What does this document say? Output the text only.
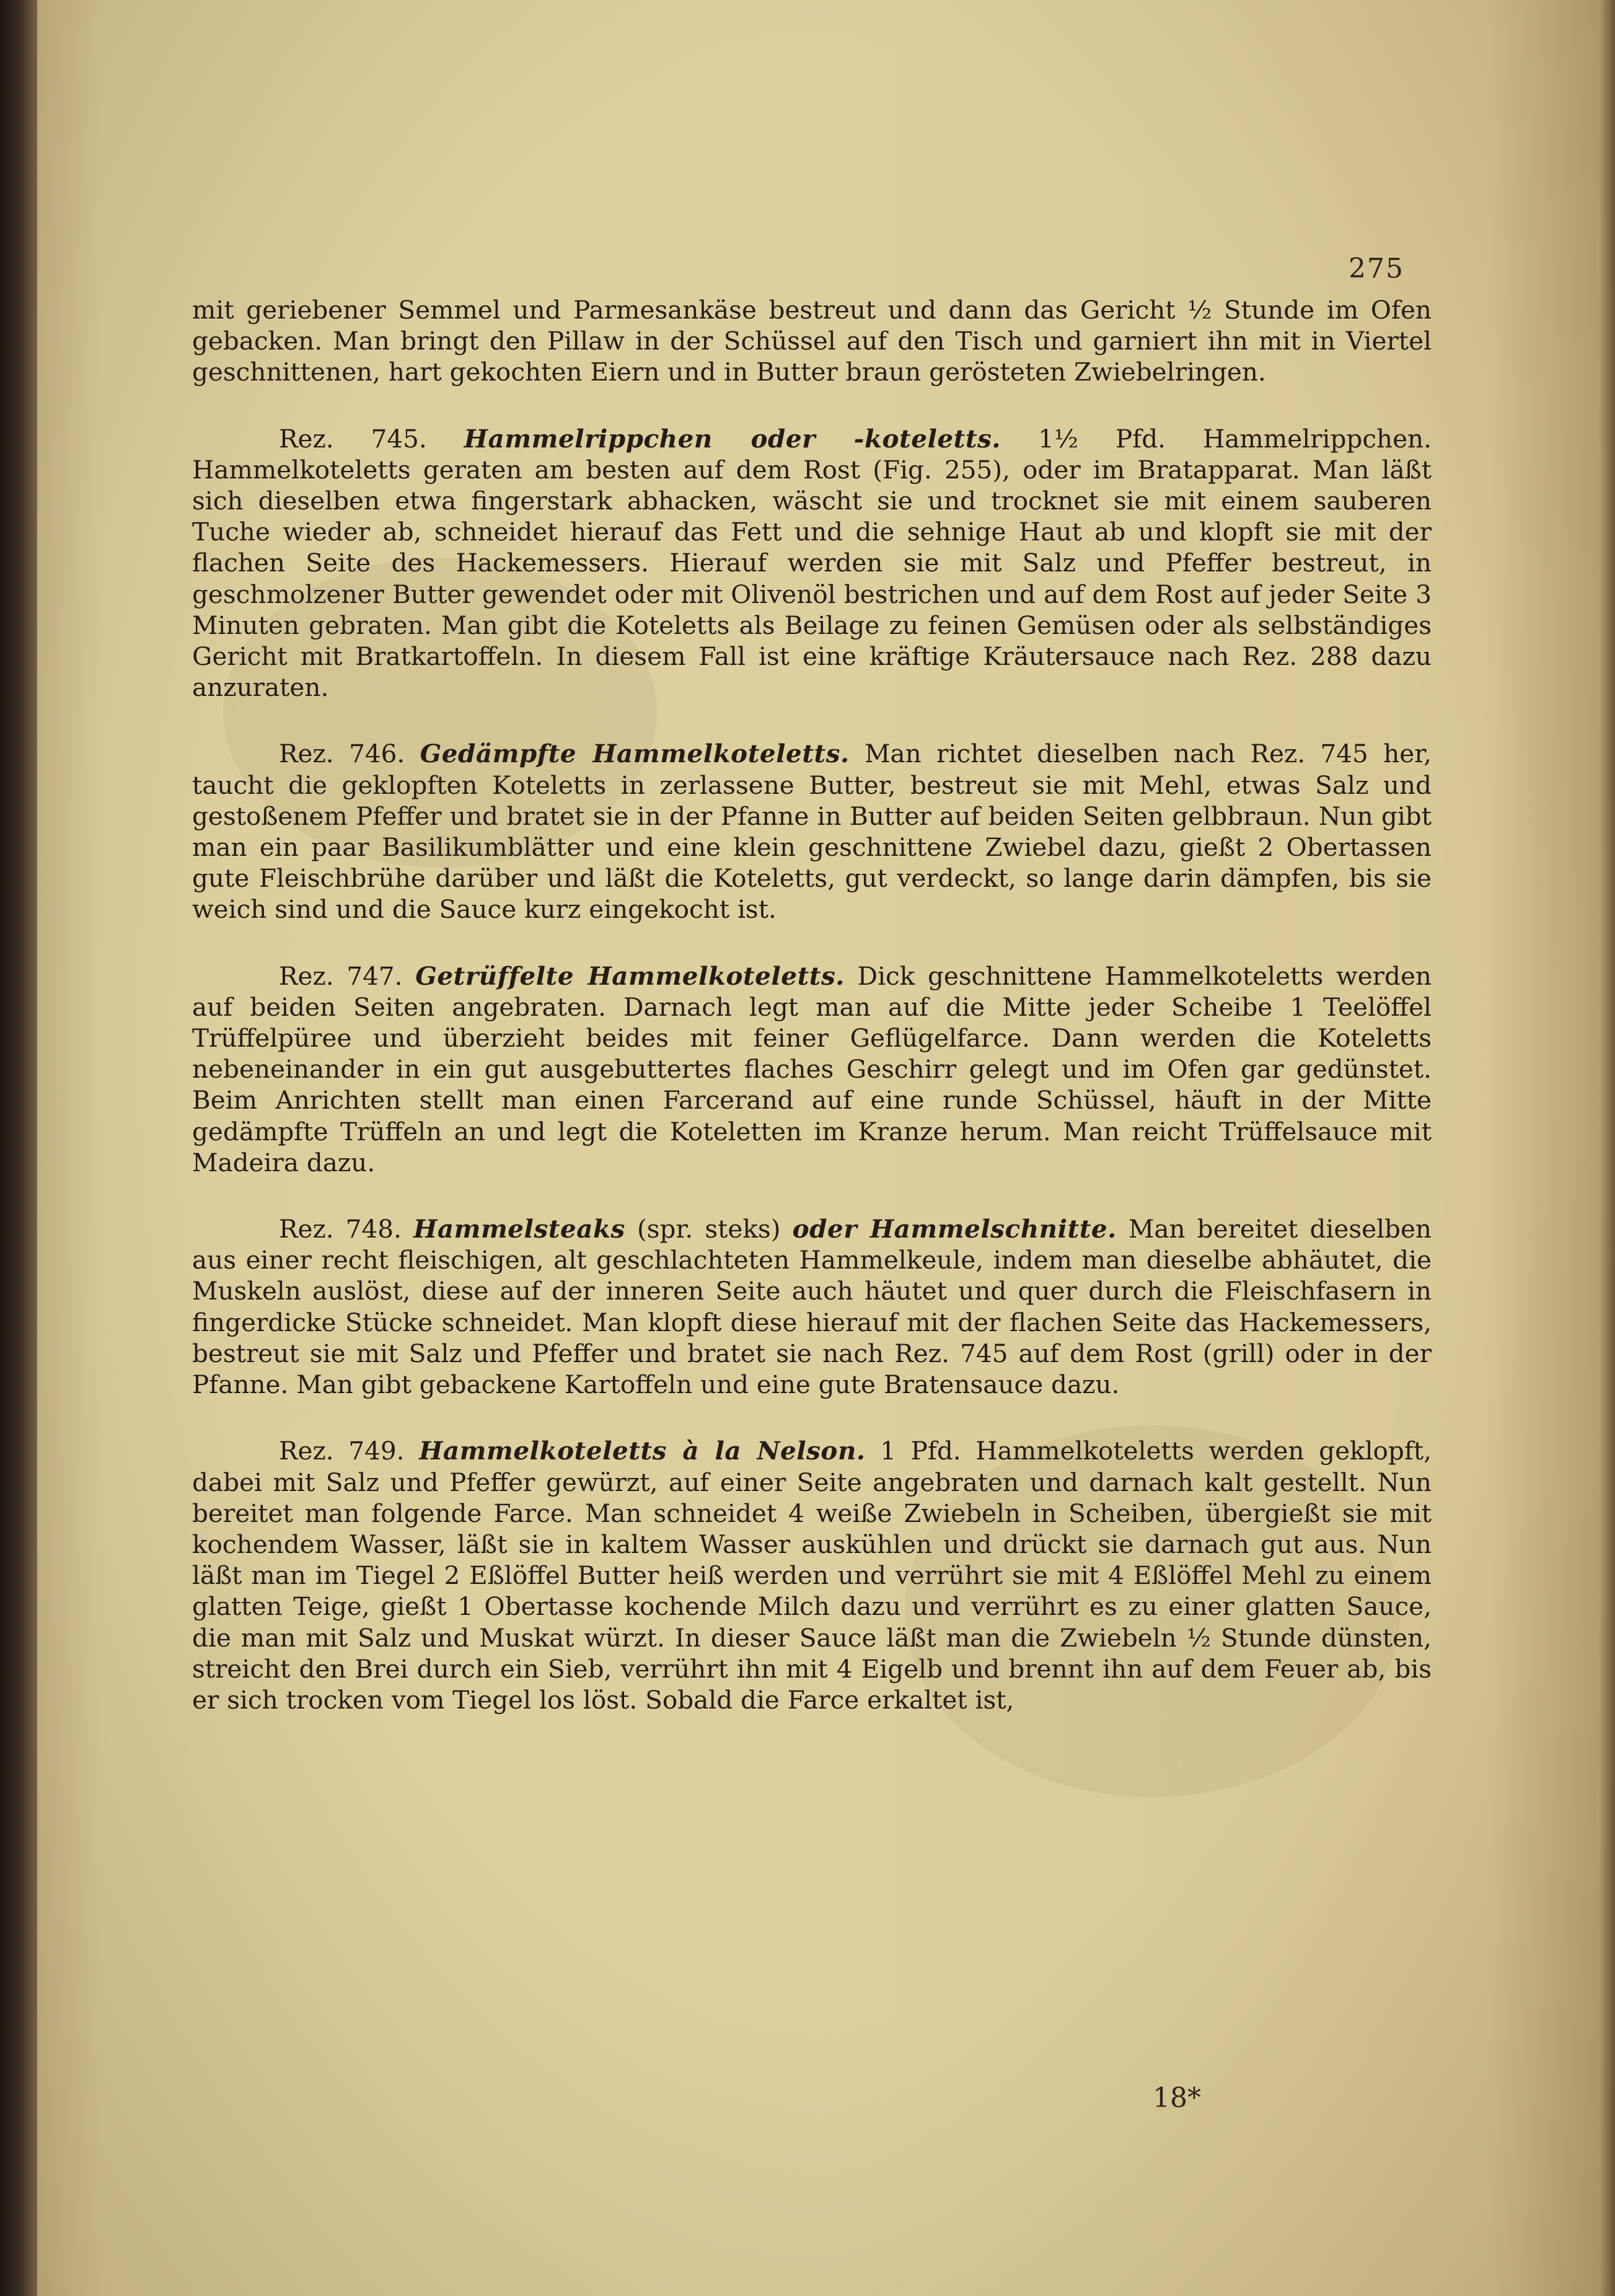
275

mit geriebener Semmel und Parmesankäse bestreut und dann das Gericht ½ Stunde im Ofen gebacken. Man bringt den Pillaw in der Schüssel auf den Tisch und garniert ihn mit in Viertel geschnittenen, hart gekochten Eiern und in Butter braun gerösteten Zwiebelringen.

Rez. 745. Hammelrippchen oder -koteletts. 1½ Pfd. Hammelrippchen. Hammelkoteletts geraten am besten auf dem Rost (Fig. 255), oder im Bratapparat. Man läßt sich dieselben etwa fingerstark abhacken, wäscht sie und trocknet sie mit einem sauberen Tuche wieder ab, schneidet hierauf das Fett und die sehnige Haut ab und klopft sie mit der flachen Seite des Hackemessers. Hierauf werden sie mit Salz und Pfeffer bestreut, in geschmolzener Butter gewendet oder mit Olivenöl bestrichen und auf dem Rost auf jeder Seite 3 Minuten gebraten. Man gibt die Koteletts als Beilage zu feinen Gemüsen oder als selbständiges Gericht mit Bratkartoffeln. In diesem Fall ist eine kräftige Kräutersauce nach Rez. 288 dazu anzuraten.

Rez. 746. Gedämpfte Hammelkoteletts. Man richtet dieselben nach Rez. 745 her, taucht die geklopften Koteletts in zerlassene Butter, bestreut sie mit Mehl, etwas Salz und gestoßenem Pfeffer und bratet sie in der Pfanne in Butter auf beiden Seiten gelbbraun. Nun gibt man ein paar Basilikumblätter und eine klein geschnittene Zwiebel dazu, gießt 2 Obertassen gute Fleischbrühe darüber und läßt die Koteletts, gut verdeckt, so lange darin dämpfen, bis sie weich sind und die Sauce kurz eingekocht ist.

Rez. 747. Getrüffelte Hammelkoteletts. Dick geschnittene Hammelkoteletts werden auf beiden Seiten angebraten. Darnach legt man auf die Mitte jeder Scheibe 1 Teelöffel Trüffelpüree und überzieht beides mit feiner Geflügelfarce. Dann werden die Koteletts nebeneinander in ein gut ausgebuttertes flaches Geschirr gelegt und im Ofen gar gedünstet. Beim Anrichten stellt man einen Farcerand auf eine runde Schüssel, häuft in der Mitte gedämpfte Trüffeln an und legt die Koteletten im Kranze herum. Man reicht Trüffelsauce mit Madeira dazu.

Rez. 748. Hammelsteaks (spr. steks) oder Hammelschnitte. Man bereitet dieselben aus einer recht fleischigen, alt geschlachteten Hammelkeule, indem man dieselbe abhäutet, die Muskeln auslöst, diese auf der inneren Seite auch häutet und quer durch die Fleischfasern in fingerdicke Stücke schneidet. Man klopft diese hierauf mit der flachen Seite das Hackemessers, bestreut sie mit Salz und Pfeffer und bratet sie nach Rez. 745 auf dem Rost (grill) oder in der Pfanne. Man gibt gebackene Kartoffeln und eine gute Bratensauce dazu.

Rez. 749. Hammelkoteletts à la Nelson. 1 Pfd. Hammelkoteletts werden geklopft, dabei mit Salz und Pfeffer gewürzt, auf einer Seite angebraten und darnach kalt gestellt. Nun bereitet man folgende Farce. Man schneidet 4 weiße Zwiebeln in Scheiben, übergießt sie mit kochendem Wasser, läßt sie in kaltem Wasser auskühlen und drückt sie darnach gut aus. Nun läßt man im Tiegel 2 Eßlöffel Butter heiß werden und verrührt sie mit 4 Eßlöffel Mehl zu einem glatten Teige, gießt 1 Obertasse kochende Milch dazu und verrührt es zu einer glatten Sauce, die man mit Salz und Muskat würzt. In dieser Sauce läßt man die Zwiebeln ½ Stunde dünsten, streicht den Brei durch ein Sieb, verrührt ihn mit 4 Eigelb und brennt ihn auf dem Feuer ab, bis er sich trocken vom Tiegel los löst. Sobald die Farce erkaltet ist,

18*
